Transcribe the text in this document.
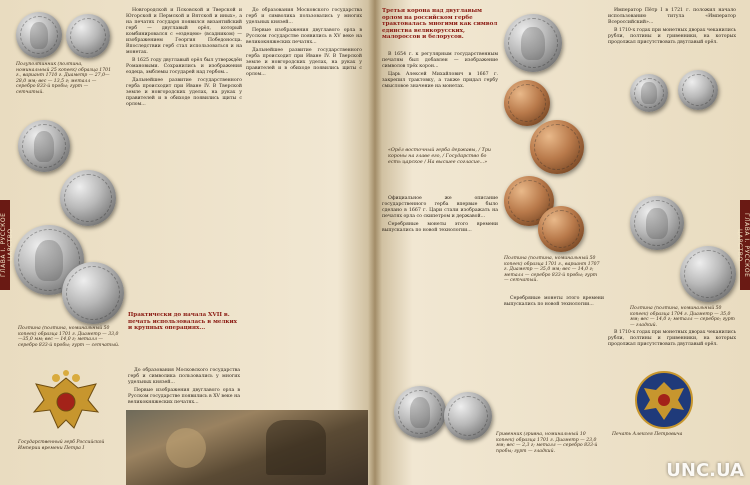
ГЛАВА I. РУССКОЕ ЦАРСТВО
Полуполтинник (полтина, номинальный 25 копеек) образца 1701 г., вариант 1710 г. Диаметр — 27,0—28,0 мм; вес — 13,5 г; металл — серебро 833-й пробы; гурт — сетчатый.
Полтина (полтина, номинальный 50 копеек) образца 1701 г. Диаметр — 33,0—35,0 мм; вес — 14,0 г; металл — серебро 833-й пробы; гурт — сетчатый.
Государственный герб Российской Империи времени Петра I

Новгородской и Псковской и Тверской и Югорской и Пермской и Вятской и иных», а на печатях государя появился византийский герб — двуглавый орёл, который комбинировался с «ездецем» (всадником) — изображением Георгия Победоносца. Впоследствии герб стал использоваться и на монетах.

В 1625 году двуглавый орёл был утверждён Романовыми. Сохранились и изображения ездеца, эмблемы государей над гербом...

Дальнейшее развитие государственного герба происходит при Иване IV. В Тверской земле и новгородских уделах, на руках у правителей и в обиходе появились щиты с орлом...

Практически до начала XVII в. печать использовалась в мелких и крупных операциях...

До образования Московского государства герб и символика пользовались у многих удельных князей...

Первые изображения двуглавого орла в Русском государстве появились в XV веке на великокняжеских печатях...

До образования Московского государства герб и символика пользовались у многих удельных князей...

Первые изображения двуглавого орла в Русском государстве появились в XV веке на великокняжеских печатях...

Дальнейшее развитие государственного герба происходит при Иване IV. В Тверской земле и новгородских уделах, на руках у правителей и в обиходе появились щиты с орлом...

Третья корона над двуглавым орлом на российском гербе трактовалась многими как символ единства великорусских, малороссов и белорусов.

В 1654 г. к регулярным государственным печатям был добавлен — изображение символов трёх корон...

Царь Алексей Михайлович в 1667 г. закрепил трактовку, а также придал гербу смысловое значение на монетах.

«Орёл восточный герба державы, / Три короны на главе его, / Государство бо есть царское / На высшее согласие...»

Официальное же описание государственного герба впервые было сделано в 1667 г. Цари стали изображать на печатях орла со скипетром и державой...

Серебряные монеты этого времени выпускались по новой технологии...

Полтина (полтина, номинальный 50 копеек) образца 1701 г., вариант 1707 г. Диаметр — 35,0 мм; вес — 14,0 г; металл — серебро 833-й пробы; гурт — сетчатый.

Серебряные монеты этого времени выпускались по новой технологии...

Гривенник (гривна, номинальный 10 копеек) образца 1701 г. Диаметр — 23,0 мм; вес — 2,3 г; металл — серебро 833-й пробы; гурт — гладкий.

Император Пётр I в 1721 г. положил начало использованию титула «Император Всероссийский»...

В 1710-х годах при монетных дворах чеканились рубли, полтины и гривенники, на которых продолжал присутствовать двуглавый орёл.

Полтина (полтина, номинальный 50 копеек) образца 1704 г. Диаметр — 35,0 мм; вес — 14,0 г; металл — серебро; гурт — гладкий.

В 1710-х годах при монетных дворах чеканились рубли, полтины и гривенники, на которых продолжал присутствовать двуглавый орёл.

Печать Алексея Петровича
ГЛАВА I. РУССКОЕ ЦАРСТВО
UNC.UA
